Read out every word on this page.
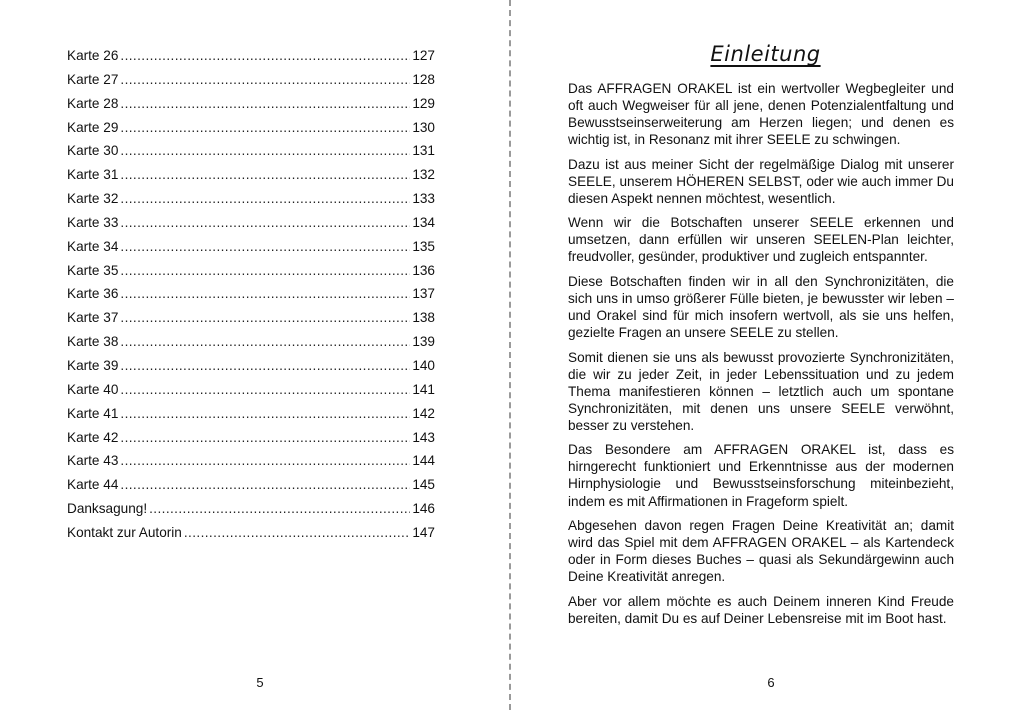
Karte 26 .....	127
Karte 27 .....	128
Karte 28 .....	129
Karte 29 .....	130
Karte 30 .....	131
Karte 31 .....	132
Karte 32 .....	133
Karte 33 .....	134
Karte 34 .....	135
Karte 35 .....	136
Karte 36 .....	137
Karte 37 .....	138
Karte 38 .....	139
Karte 39 .....	140
Karte 40 .....	141
Karte 41 .....	142
Karte 42 .....	143
Karte 43 .....	144
Karte 44 .....	145
Danksagung! .....	146
Kontakt zur Autorin .....	147
5
Einleitung

Das AFFRAGEN ORAKEL ist ein wertvoller Wegbegleiter und oft auch Wegweiser für all jene, denen Potenzialentfaltung und Bewusstseinserweiterung am Herzen liegen; und denen es wichtig ist, in Resonanz mit ihrer SEELE zu schwingen.

Dazu ist aus meiner Sicht der regelmäßige Dialog mit unserer SEELE, unserem HÖHEREN SELBST, oder wie auch immer Du diesen Aspekt nennen möchtest, wesentlich.

Wenn wir die Botschaften unserer SEELE erkennen und umsetzen, dann erfüllen wir unseren SEELEN-Plan leichter, freudvoller, gesünder, produktiver und zugleich entspannter.

Diese Botschaften finden wir in all den Synchronizitäten, die sich uns in umso größerer Fülle bieten, je bewusster wir leben – und Orakel sind für mich insofern wertvoll, als sie uns helfen, gezielte Fragen an unsere SEELE zu stellen.

Somit dienen sie uns als bewusst provozierte Synchronizitäten, die wir zu jeder Zeit, in jeder Lebenssituation und zu jedem Thema manifestieren können – letztlich auch um spontane Synchronizitäten, mit denen uns unsere SEELE verwöhnt, besser zu verstehen.

Das Besondere am AFFRAGEN ORAKEL ist, dass es hirngerecht funktioniert und Erkenntnisse aus der modernen Hirnphysiologie und Bewusstseinsforschung miteinbezieht, indem es mit Affirmationen in Frageform spielt.

Abgesehen davon regen Fragen Deine Kreativität an; damit wird das Spiel mit dem AFFRAGEN ORAKEL – als Kartendeck oder in Form dieses Buches – quasi als Sekundärgewinn auch Deine Kreativität anregen.

Aber vor allem möchte es auch Deinem inneren Kind Freude bereiten, damit Du es auf Deiner Lebensreise mit im Boot hast.

6
